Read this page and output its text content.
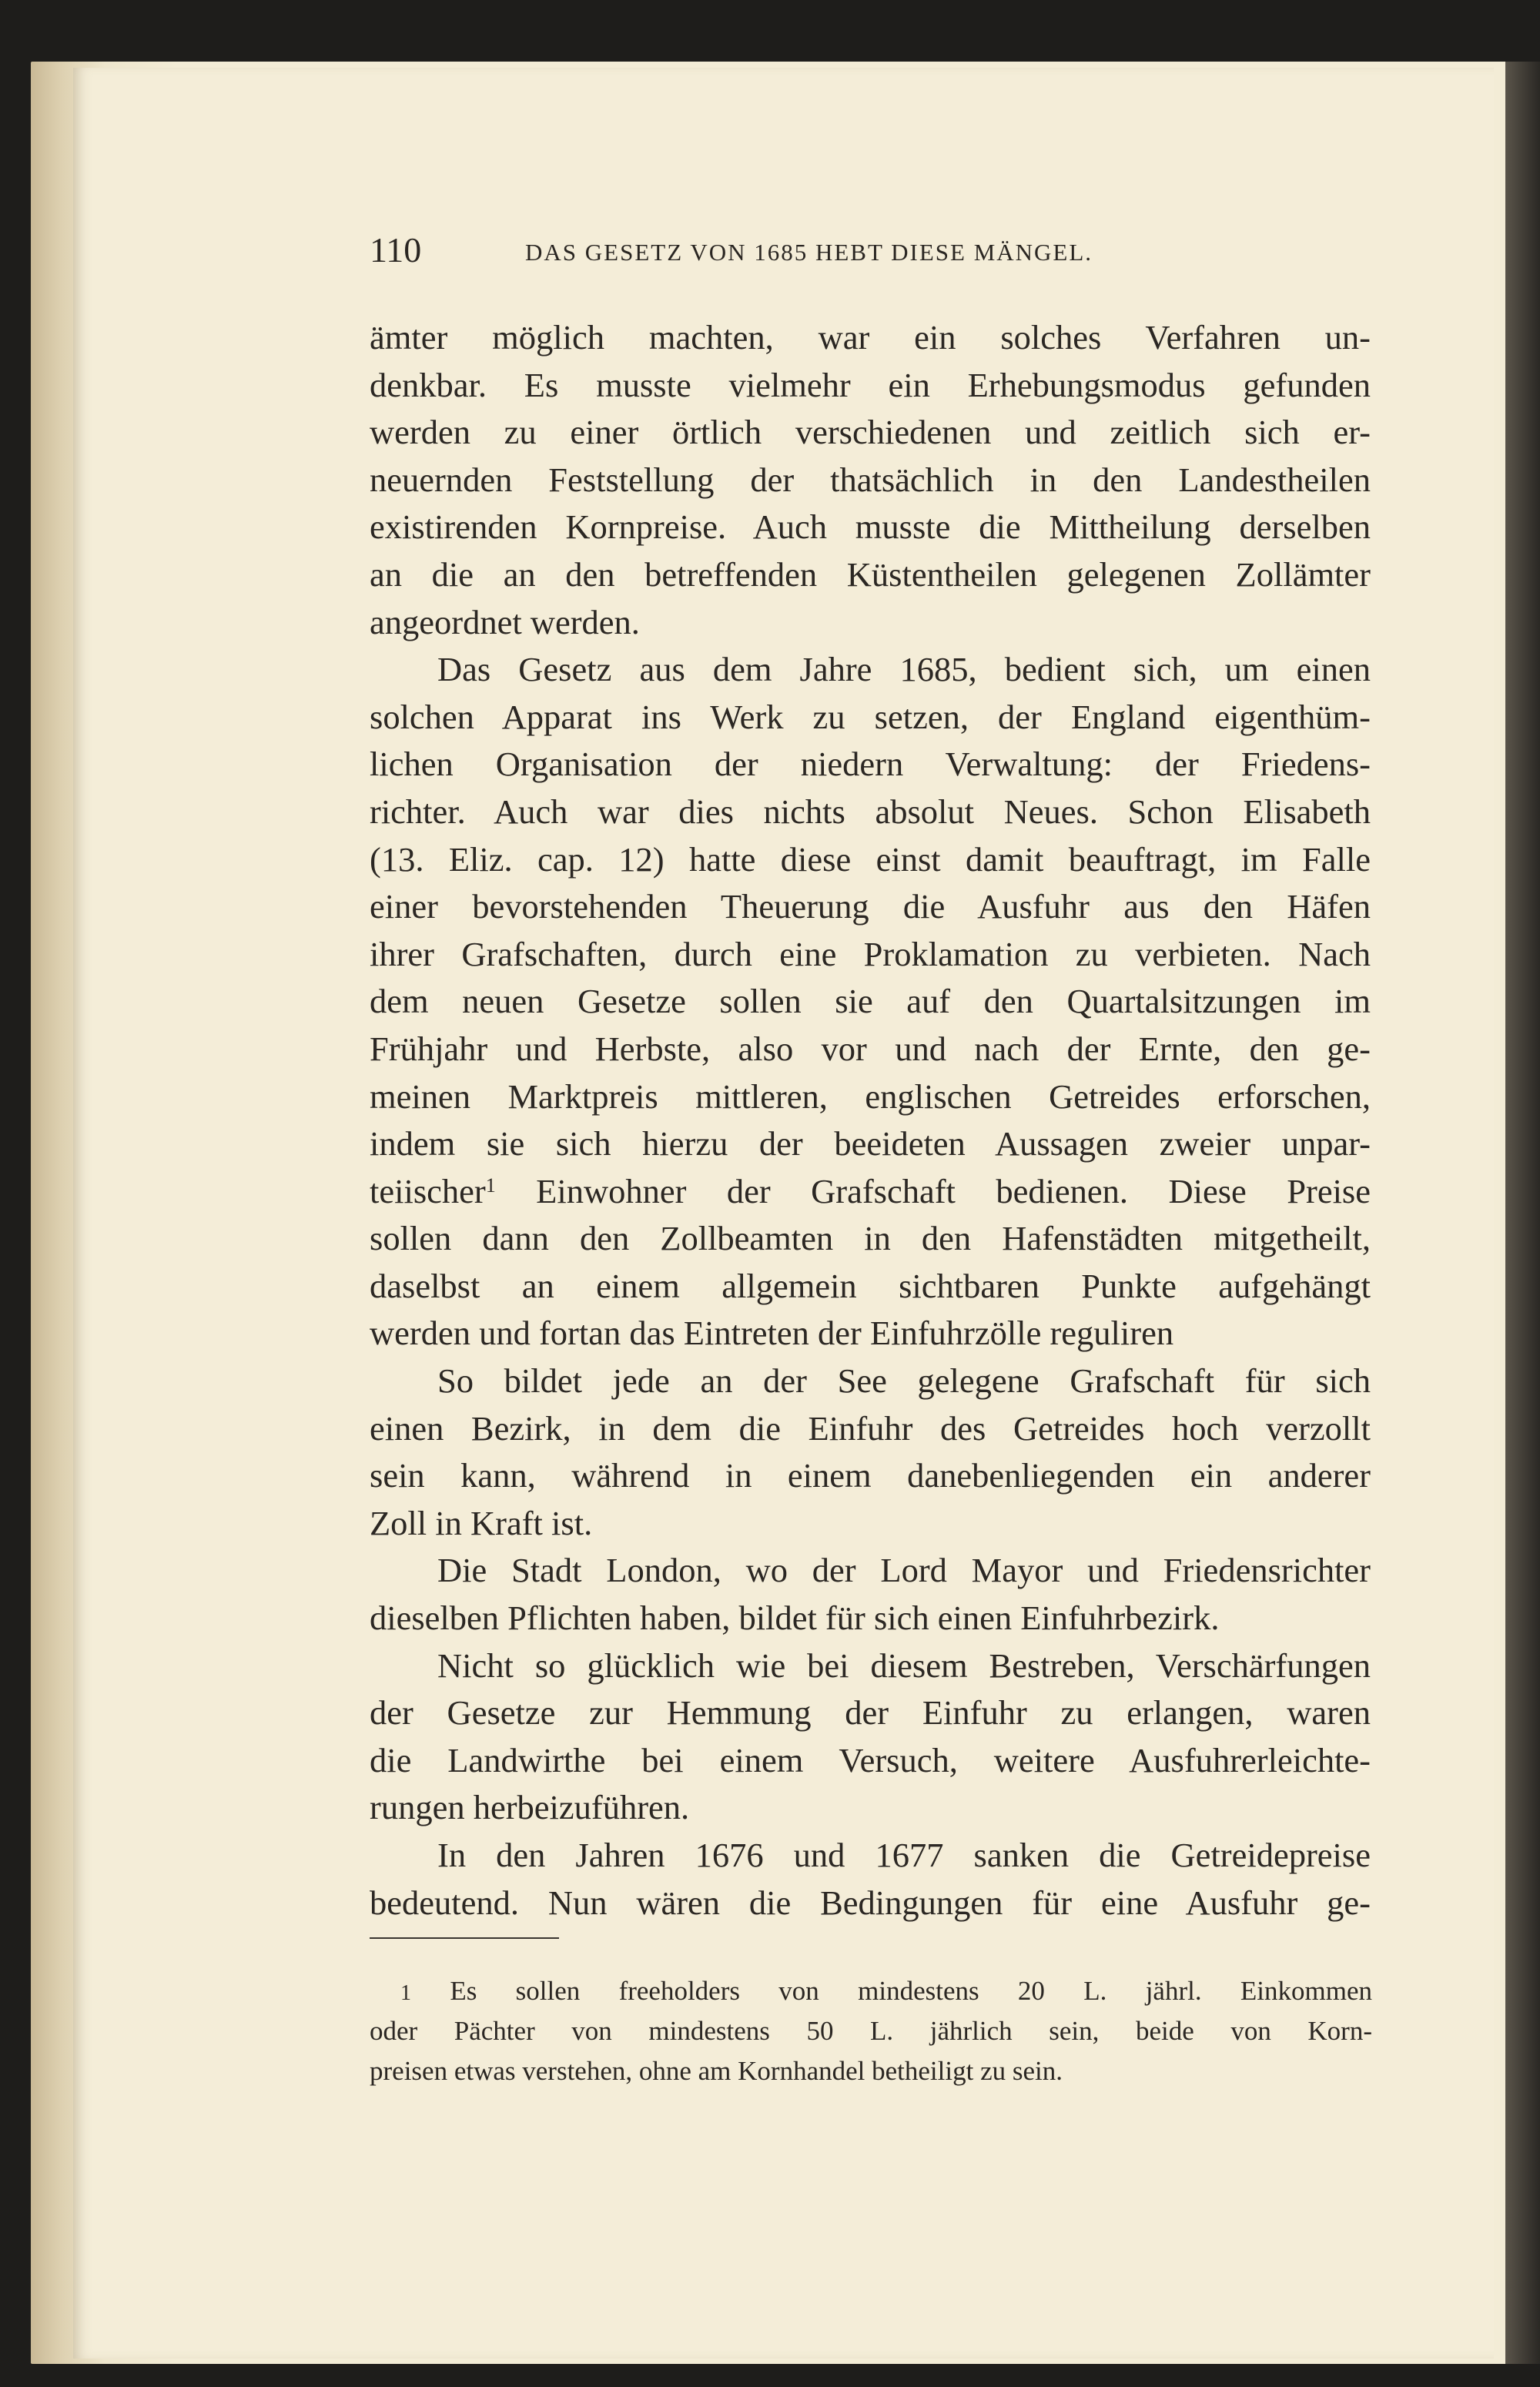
110	DAS GESETZ VON 1685 HEBT DIESE MÄNGEL.
ämter möglich machten, war ein solches Verfahren un-
denkbar. Es musste vielmehr ein Erhebungsmodus gefunden
werden zu einer örtlich verschiedenen und zeitlich sich er-
neuernden Feststellung der thatsächlich in den Landestheilen
existirenden Kornpreise. Auch musste die Mittheilung derselben
an die an den betreffenden Küstentheilen gelegenen Zollämter
angeordnet werden.
Das Gesetz aus dem Jahre 1685, bedient sich, um einen
solchen Apparat ins Werk zu setzen, der England eigenthüm-
lichen Organisation der niedern Verwaltung: der Friedens-
richter. Auch war dies nichts absolut Neues. Schon Elisabeth
(13. Eliz. cap. 12) hatte diese einst damit beauftragt, im Falle
einer bevorstehenden Theuerung die Ausfuhr aus den Häfen
ihrer Grafschaften, durch eine Proklamation zu verbieten. Nach
dem neuen Gesetze sollen sie auf den Quartalsitzungen im
Frühjahr und Herbste, also vor und nach der Ernte, den ge-
meinen Marktpreis mittleren, englischen Getreides erforschen,
indem sie sich hierzu der beeideten Aussagen zweier unpar-
teiischer$^1$ Einwohner der Grafschaft bedienen. Diese Preise
sollen dann den Zollbeamten in den Hafenstädten mitgetheilt,
daselbst an einem allgemein sichtbaren Punkte aufgehängt
werden und fortan das Eintreten der Einfuhrzölle reguliren
So bildet jede an der See gelegene Grafschaft für sich
einen Bezirk, in dem die Einfuhr des Getreides hoch verzollt
sein kann, während in einem danebenliegenden ein anderer
Zoll in Kraft ist.
Die Stadt London, wo der Lord Mayor und Friedensrichter
dieselben Pflichten haben, bildet für sich einen Einfuhrbezirk.
Nicht so glücklich wie bei diesem Bestreben, Verschärfungen
der Gesetze zur Hemmung der Einfuhr zu erlangen, waren
die Landwirthe bei einem Versuch, weitere Ausfuhrerleichte-
rungen herbeizuführen.
In den Jahren 1676 und 1677 sanken die Getreidepreise
bedeutend. Nun wären die Bedingungen für eine Ausfuhr ge-
1 Es sollen freeholders von mindestens 20 L. jährl. Einkommen
oder Pächter von mindestens 50 L. jährlich sein, beide von Korn-
preisen etwas verstehen, ohne am Kornhandel betheiligt zu sein.
